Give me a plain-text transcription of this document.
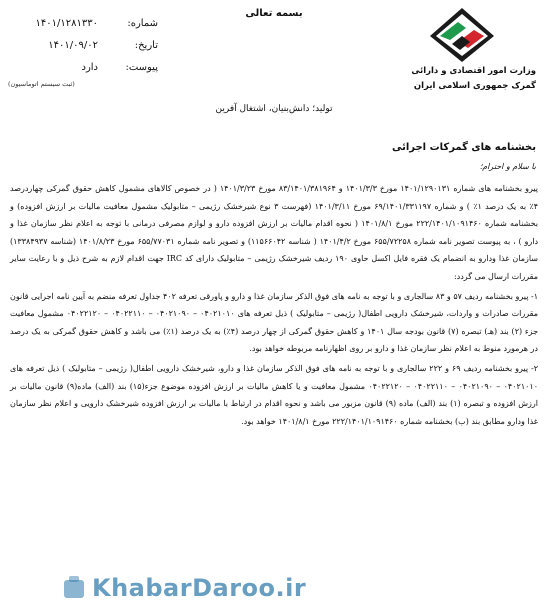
بسمه تعالی
شماره:
۱۴۰۱/۱۲۸۱۳۳۰
تاریخ:
۱۴۰۱/۰۹/۰۲
پیوست:
دارد
(ثبت سیستم اتوماسیون)
وزارت امور اقتصادی و دارائی
گمرک جمهوری اسلامی ایران
تولید؛ دانش‌بنیان، اشتغال آفرین
بخشنامه های گمرکات اجرائی
با سلام و احترام؛

پیرو بخشنامه های شماره ۱۴۰۱/۱۲۹۰۱۳۱ مورخ ۱۴۰۱/۳/۳ و ۸۳/۱۴۰۱/۳۸۱۹۶۴ مورخ ۱۴۰۱/۳/۲۳ ( در خصوص کالاهای مشمول کاهش حقوق گمرکی چهاردرصد ۴٪ به یک درصد ۱٪ ) و شماره ۶۹/۱۴۰۱/۳۳۱۱۹۷ مورخ ۱۴۰۱/۳/۱۱ (فهرست ۳ نوع شیرخشک رژیمی – متابولیک مشمول معافیت مالیات بر ارزش افزوده) و بخشنامه شماره ۲۲۲/۱۴۰۱/۱۰۹۱۴۶۰ مورخ ۱۴۰۱/۸/۱ ( نحوه اقدام مالیات بر ارزش افزوده دارو و لوازم مصرفی درمانی با توجه به اعلام نظر سازمان غذا و دارو ) ، به پیوست تصویر نامه شماره ۶۵۵/۷۲۲۵۸ مورخ ۱۴۰۱/۴/۲ ( شناسه ۱۱۵۶۶۰۴۲) و تصویر نامه شماره ۶۵۵/۷۷۰۳۱ مورخ ۱۴۰۱/۸/۲۳ (شناسه ۱۳۳۸۴۹۳۷) سازمان غذا ودارو به انضمام یک فقره فایل اکسل حاوی ۱۹۰ ردیف شیرخشک رژیمی – متابولیک دارای کد IRC جهت اقدام لازم به شرح ذیل و با رعایت سایر مقررات ارسال می گردد:

۱- پیرو بخشنامه ردیف ۵۷ و ۸۳ سالجاری و با توجه به نامه های فوق الذکر سازمان غذا و دارو و پاورقی تعرفه ۴۰۲ جداول تعرفه منضم به آیین نامه اجرایی قانون مقررات صادرات و واردات، شیرخشک دارویی اطفال( رژیمی – متابولیک ) ذیل تعرفه های ۰۴۰۲۱۰۱۰ – ۰۴۰۲۱۰۹۰ – ۰۴۰۲۲۱۱۰ – ۰۴۰۲۲۱۲۰ مشمول معافیت جزء (۲) بند (هـ) تبصره (۷) قانون بودجه سال ۱۴۰۱ و کاهش حقوق گمرکی از چهار درصد (۴٪) به یک درصد (۱٪) می باشد و کاهش حقوق گمرکی به یک درصد در هرمورد منوط به اعلام نظر سازمان غذا و دارو بر روی اظهارنامه مربوطه خواهد بود.

۲- پیرو بخشنامه ردیف ۶۹ و ۲۲۲ سالجاری و با توجه به نامه های فوق الذکر سازمان غذا و دارو، شیرخشک دارویی اطفال( رژیمی – متابولیک ) ذیل تعرفه های ۰۴۰۲۱۰۱۰ – ۰۴۰۲۱۰۹۰ – ۰۴۰۲۲۱۱۰ – ۰۴۰۲۲۱۲۰ مشمول معافیت و یا کاهش مالیات بر ارزش افزوده موضوع جزء(۱۵) بند (الف) ماده(۹) قانون مالیات بر ارزش افزوده و تبصره (۱) بند (الف) ماده (۹) قانون مزبور می باشد و نحوه اقدام در ارتباط با مالیات بر ارزش افزوده شیرخشک دارویی و اعلام نظر سازمان غذا ودارو مطابق بند (ب) بخشنامه شماره ۲۲۲/۱۴۰۱/۱۰۹۱۴۶۰ مورخ ۱۴۰۱/۸/۱ خواهد بود.

KhabarDaroo.ir
